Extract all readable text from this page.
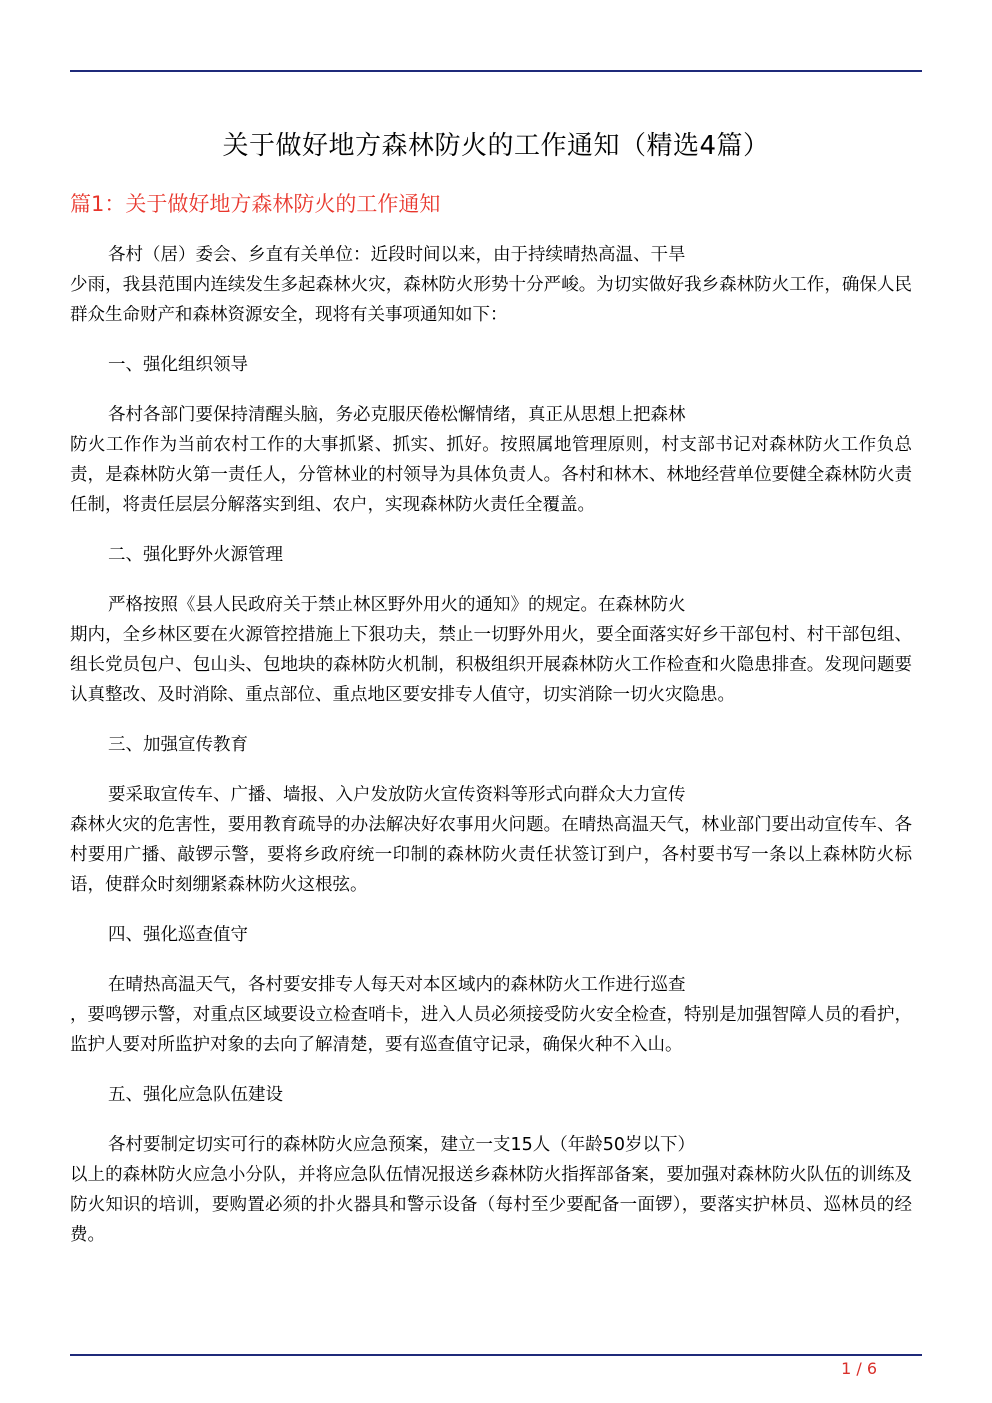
关于做好地方森林防火的工作通知（精选4篇）
篇1：关于做好地方森林防火的工作通知

各村（居）委会、乡直有关单位：近段时间以来，由于持续晴热高温、干旱
少雨，我县范围内连续发生多起森林火灾，森林防火形势十分严峻。为切实做好我乡森林防火工作，确保人民群众生命财产和森林资源安全，现将有关事项通知如下：

一、强化组织领导

各村各部门要保持清醒头脑，务必克服厌倦松懈情绪，真正从思想上把森林
防火工作作为当前农村工作的大事抓紧、抓实、抓好。按照属地管理原则，村支部书记对森林防火工作负总责，是森林防火第一责任人，分管林业的村领导为具体负责人。各村和林木、林地经营单位要健全森林防火责任制，将责任层层分解落实到组、农户，实现森林防火责任全覆盖。

二、强化野外火源管理

严格按照《县人民政府关于禁止林区野外用火的通知》的规定。在森林防火
期内，全乡林区要在火源管控措施上下狠功夫，禁止一切野外用火，要全面落实好乡干部包村、村干部包组、组长党员包户、包山头、包地块的森林防火机制，积极组织开展森林防火工作检查和火隐患排查。发现问题要认真整改、及时消除、重点部位、重点地区要安排专人值守，切实消除一切火灾隐患。

三、加强宣传教育

要采取宣传车、广播、墙报、入户发放防火宣传资料等形式向群众大力宣传
森林火灾的危害性，要用教育疏导的办法解决好农事用火问题。在晴热高温天气，林业部门要出动宣传车、各村要用广播、敲锣示警，要将乡政府统一印制的森林防火责任状签订到户，各村要书写一条以上森林防火标语，使群众时刻绷紧森林防火这根弦。

四、强化巡查值守

在晴热高温天气，各村要安排专人每天对本区域内的森林防火工作进行巡查
，要鸣锣示警，对重点区域要设立检查哨卡，进入人员必须接受防火安全检查，特别是加强智障人员的看护，监护人要对所监护对象的去向了解清楚，要有巡查值守记录，确保火种不入山。

五、强化应急队伍建设

各村要制定切实可行的森林防火应急预案，建立一支15人（年龄50岁以下）
以上的森林防火应急小分队，并将应急队伍情况报送乡森林防火指挥部备案，要加强对森林防火队伍的训练及防火知识的培训，要购置必须的扑火器具和警示设备（每村至少要配备一面锣），要落实护林员、巡林员的经费。

1 / 6
